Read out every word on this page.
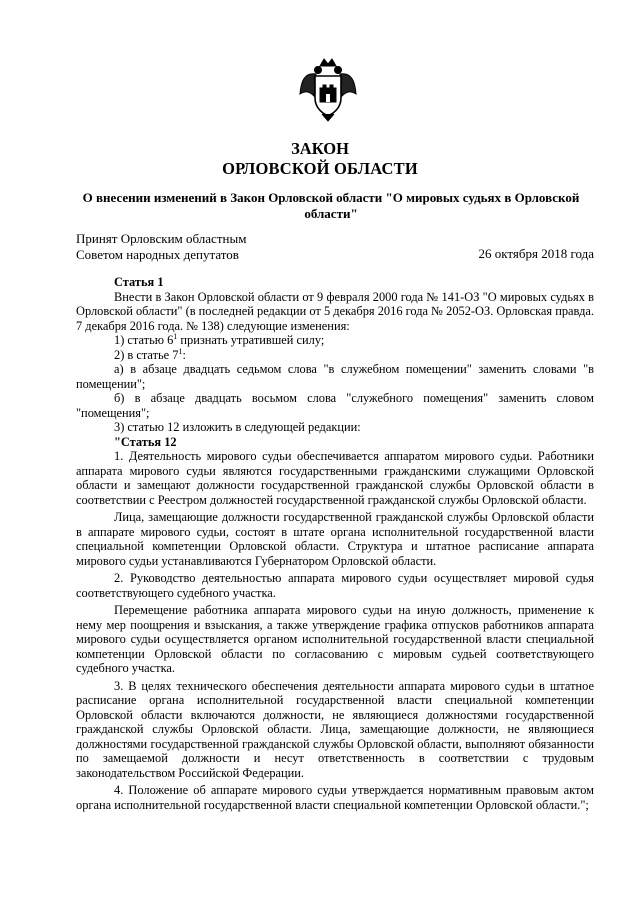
ЗАКОН
ОРЛОВСКОЙ ОБЛАСТИ
О внесении изменений в Закон Орловской области "О мировых судьях в Орловской области"
Принят Орловским областным
Советом народных депутатов	26 октября 2018 года

Статья 1

Внести в Закон Орловской области от 9 февраля 2000 года № 141-ОЗ "О мировых судьях в Орловской области" (в последней редакции от 5 декабря 2016 года № 2052-ОЗ. Орловская правда. 7 декабря 2016 года. № 138) следующие изменения:

1) статью $6^1$ признать утратившей силу;

2) в статье $7^1$:

а) в абзаце двадцать седьмом слова "в служебном помещении" заменить словами "в помещении";

б) в абзаце двадцать восьмом слова "служебного помещения" заменить словом "помещения";

3) статью 12 изложить в следующей редакции:

"Статья 12

1. Деятельность мирового судьи обеспечивается аппаратом мирового судьи. Работники аппарата мирового судьи являются государственными гражданскими служащими Орловской области и замещают должности государственной гражданской службы Орловской области в соответствии с Реестром должностей государственной гражданской службы Орловской области.

Лица, замещающие должности государственной гражданской службы Орловской области в аппарате мирового судьи, состоят в штате органа исполнительной государственной власти специальной компетенции Орловской области. Структура и штатное расписание аппарата мирового судьи устанавливаются Губернатором Орловской области.

2. Руководство деятельностью аппарата мирового судьи осуществляет мировой судья соответствующего судебного участка.

Перемещение работника аппарата мирового судьи на иную должность, применение к нему мер поощрения и взыскания, а также утверждение графика отпусков работников аппарата мирового судьи осуществляется органом исполнительной государственной власти специальной компетенции Орловской области по согласованию с мировым судьей соответствующего судебного участка.

3. В целях технического обеспечения деятельности аппарата мирового судьи в штатное расписание органа исполнительной государственной власти специальной компетенции Орловской области включаются должности, не являющиеся должностями государственной гражданской службы Орловской области. Лица, замещающие должности, не являющиеся должностями государственной гражданской службы Орловской области, выполняют обязанности по замещаемой должности и несут ответственность в соответствии с трудовым законодательством Российской Федерации.

4. Положение об аппарате мирового судьи утверждается нормативным правовым актом органа исполнительной государственной власти специальной компетенции Орловской области.";
